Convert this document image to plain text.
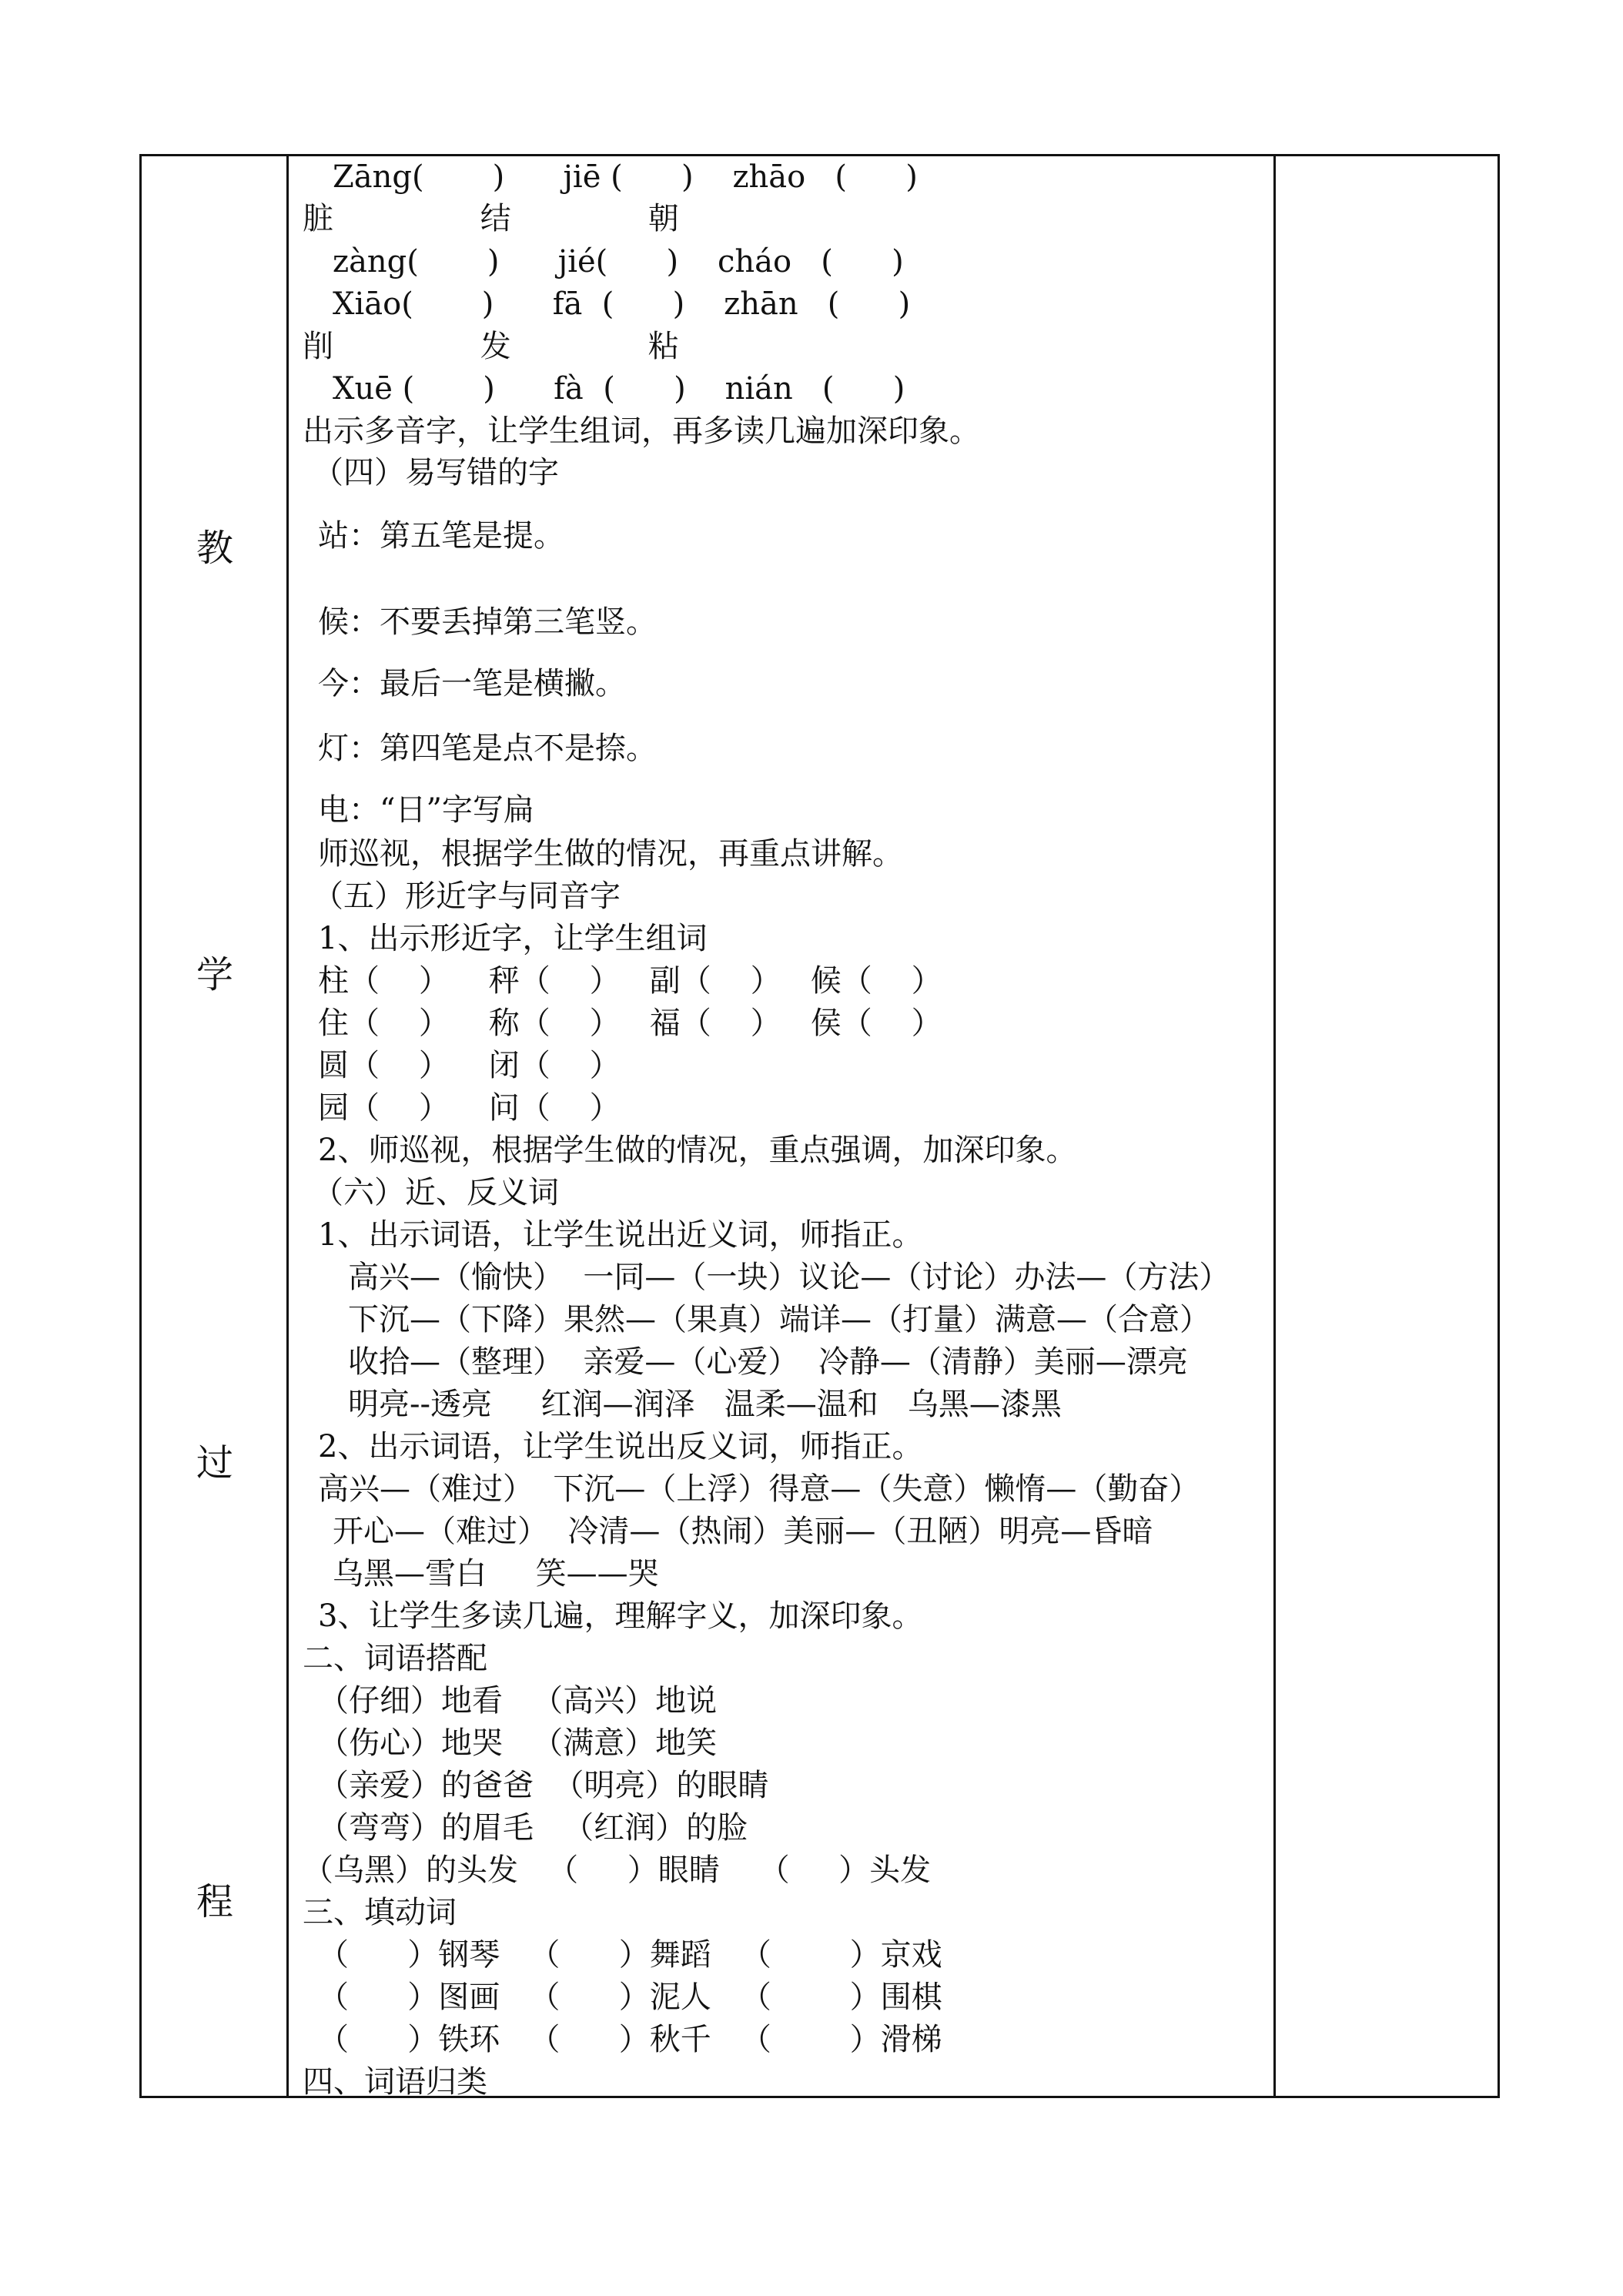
教
学
过
程
Zāng(       )      jiē (      )    zhāo   (      )
脏               结              朝
zàng(       )      jié(      )    cháo   (      )
Xiāo(       )      fā  (      )    zhān   (      )
削               发              粘
Xuē (       )      fà  (      )    nián   (      )
出示多音字，让学生组词，再多读几遍加深印象。
（四）易写错的字
站：第五笔是提。
候：不要丢掉第三笔竖。
今：最后一笔是横撇。
灯：第四笔是点不是捺。
电：“日”字写扁
师巡视，根据学生做的情况，再重点讲解。
（五）形近字与同音字
1、出示形近字，让学生组词
柱（    ）    秤（    ）   副（    ）   候（    ）
住（    ）    称（    ）   福（    ）   侯（    ）
圆（    ）    闭（    ）
园（    ）    问（    ）
2、师巡视，根据学生做的情况，重点强调，加深印象。
（六）近、反义词
1、出示词语，让学生说出近义词，师指正。
高兴—（愉快）  一同—（一块）议论—（讨论）办法—（方法）
下沉—（下降）果然—（果真）端详—（打量）满意—（合意）
收拾—（整理）  亲爱—（心爱）  冷静—（清静）美丽—漂亮
明亮--透亮     红润—润泽   温柔—温和   乌黑—漆黑
2、出示词语，让学生说出反义词，师指正。
高兴—（难过）  下沉—（上浮）得意—（失意）懒惰—（勤奋）
开心—（难过）  冷清—（热闹）美丽—（丑陋）明亮—昏暗
乌黑—雪白     笑——哭
3、让学生多读几遍，理解字义，加深印象。
二、词语搭配
（仔细）地看   （高兴）地说
（伤心）地哭   （满意）地笑
（亲爱）的爸爸  （明亮）的眼睛
（弯弯）的眉毛   （红润）的脸
（乌黑）的头发   （     ）眼睛    （     ）头发
三、填动词
（      ）钢琴   （      ）舞蹈   （        ）京戏
（      ）图画   （      ）泥人   （        ）围棋
（      ）铁环   （      ）秋千   （        ）滑梯
四、词语归类
